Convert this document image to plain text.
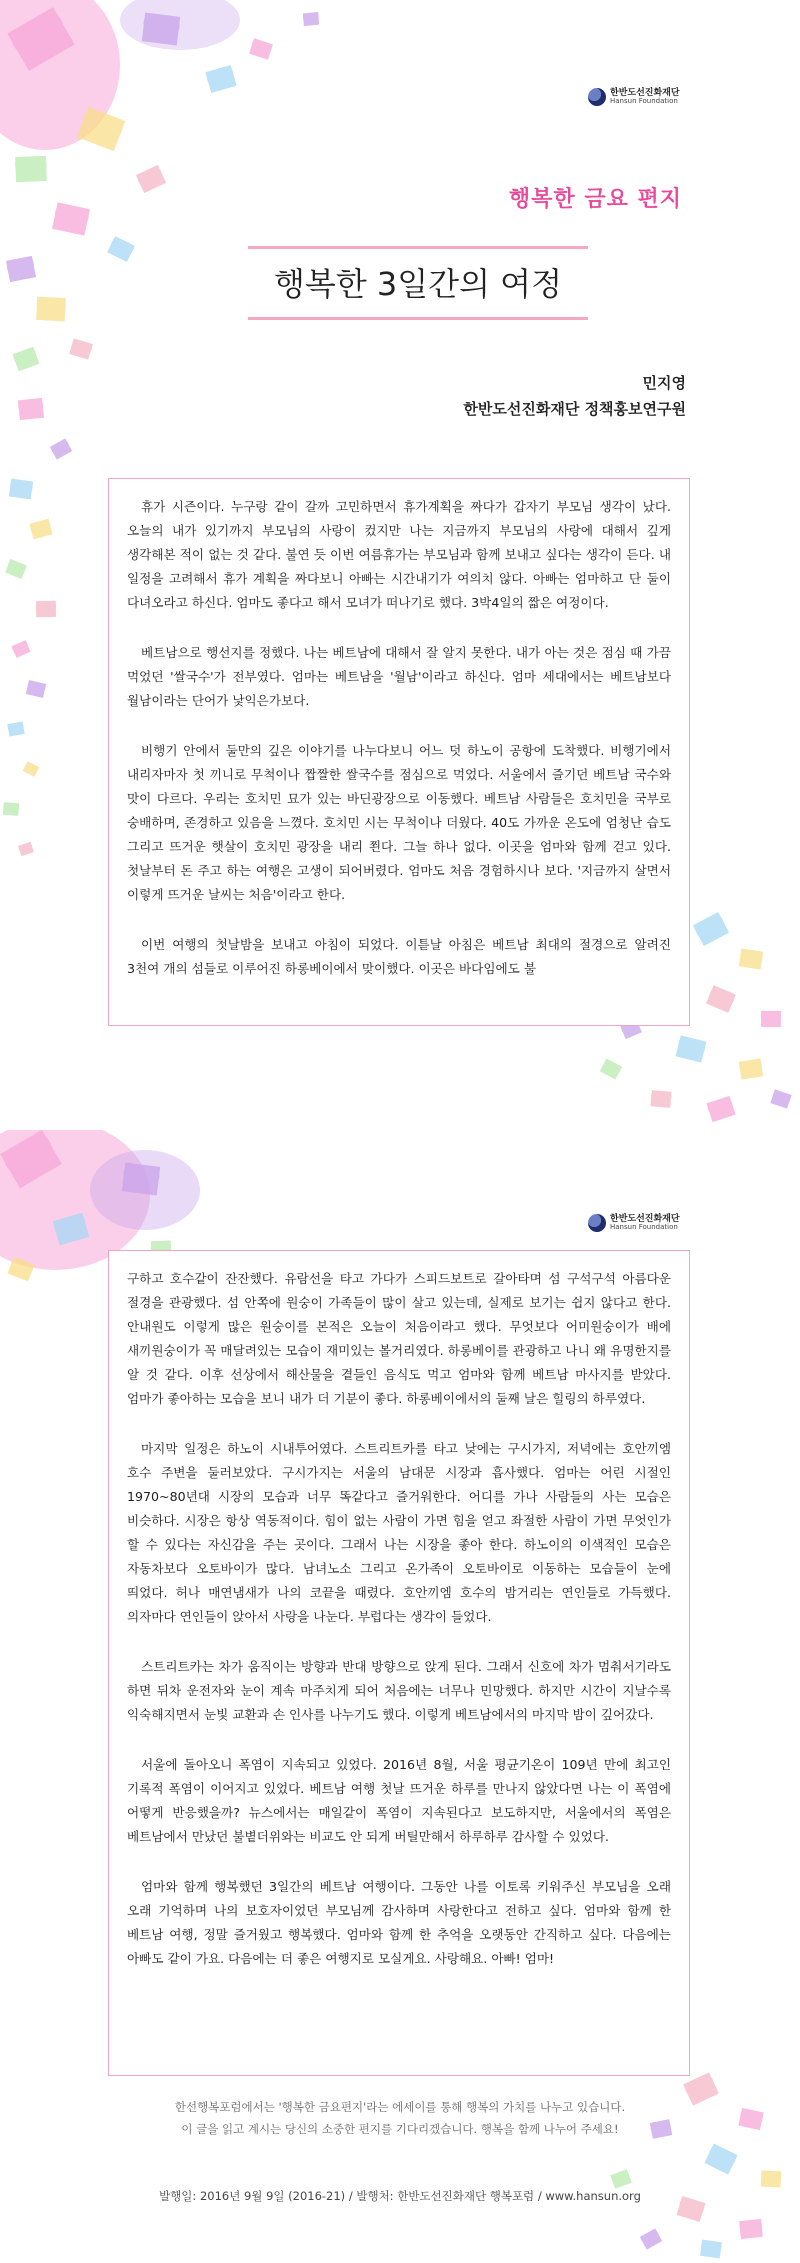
한반도선진화재단
Hansun Foundation
행복한 금요 편지
행복한 3일간의 여정
민지영
한반도선진화재단 정책홍보연구원

휴가 시즌이다. 누구랑 같이 갈까 고민하면서 휴가계획을 짜다가 갑자기 부모님 생각이 났다. 오늘의 내가 있기까지 부모님의 사랑이 컸지만 나는 지금까지 부모님의 사랑에 대해서 깊게 생각해본 적이 없는 것 같다. 불연 듯 이번 여름휴가는 부모님과 함께 보내고 싶다는 생각이 든다. 내 일정을 고려해서 휴가 계획을 짜다보니 아빠는 시간내기가 여의치 않다. 아빠는 엄마하고 단 둘이 다녀오라고 하신다. 엄마도 좋다고 해서 모녀가 떠나기로 했다. 3박4일의 짧은 여정이다.

베트남으로 행선지를 정했다. 나는 베트남에 대해서 잘 알지 못한다. 내가 아는 것은 점심 때 가끔 먹었던 '쌀국수'가 전부였다. 엄마는 베트남을 '월남'이라고 하신다. 엄마 세대에서는 베트남보다 월남이라는 단어가 낯익은가보다.

비행기 안에서 둘만의 깊은 이야기를 나누다보니 어느 덧 하노이 공항에 도착했다. 비행기에서 내리자마자 첫 끼니로 무척이나 짭짤한 쌀국수를 점심으로 먹었다. 서울에서 즐기던 베트남 국수와 맛이 다르다. 우리는 호치민 묘가 있는 바딘광장으로 이동했다. 베트남 사람들은 호치민을 국부로 숭배하며, 존경하고 있음을 느꼈다. 호치민 시는 무척이나 더웠다. 40도 가까운 온도에 엄청난 습도 그리고 뜨거운 햇살이 호치민 광장을 내리 쬔다. 그늘 하나 없다. 이곳을 엄마와 함께 걷고 있다. 첫날부터 돈 주고 하는 여행은 고생이 되어버렸다. 엄마도 처음 경험하시나 보다. '지금까지 살면서 이렇게 뜨거운 날씨는 처음'이라고 한다.

이번 여행의 첫날밤을 보내고 아침이 되었다. 이튿날 아침은 베트남 최대의 절경으로 알려진 3천여 개의 섬들로 이루어진 하롱베이에서 맞이했다. 이곳은 바다임에도 불

한반도선진화재단
Hansun Foundation

구하고 호수같이 잔잔했다. 유람선을 타고 가다가 스피드보트로 갈아타며 섬 구석구석 아름다운 절경을 관광했다. 섬 안쪽에 원숭이 가족들이 많이 살고 있는데, 실제로 보기는 쉽지 않다고 한다. 안내원도 이렇게 많은 원숭이를 본적은 오늘이 처음이라고 했다. 무엇보다 어미원숭이가 배에 새끼원숭이가 꼭 매달려있는 모습이 재미있는 볼거리였다. 하롱베이를 관광하고 나니 왜 유명한지를 알 것 같다. 이후 선상에서 해산물을 곁들인 음식도 먹고 엄마와 함께 베트남 마사지를 받았다. 엄마가 좋아하는 모습을 보니 내가 더 기분이 좋다. 하롱베이에서의 둘째 날은 힐링의 하루였다.

마지막 일정은 하노이 시내투어였다. 스트리트카를 타고 낮에는 구시가지, 저녁에는 호안끼엠 호수 주변을 둘러보았다. 구시가지는 서울의 남대문 시장과 흡사했다. 엄마는 어린 시절인 1970~80년대 시장의 모습과 너무 똑같다고 즐거워한다. 어디를 가나 사람들의 사는 모습은 비슷하다. 시장은 항상 역동적이다. 힘이 없는 사람이 가면 힘을 얻고 좌절한 사람이 가면 무엇인가 할 수 있다는 자신감을 주는 곳이다. 그래서 나는 시장을 좋아 한다. 하노이의 이색적인 모습은 자동차보다 오토바이가 많다. 남녀노소 그리고 온가족이 오토바이로 이동하는 모습들이 눈에 띄었다. 허나 매연냄새가 나의 코끝을 때렸다. 호안끼엠 호수의 밤거리는 연인들로 가득했다. 의자마다 연인들이 앉아서 사랑을 나눈다. 부럽다는 생각이 들었다.

스트리트카는 차가 움직이는 방향과 반대 방향으로 앉게 된다. 그래서 신호에 차가 멈춰서기라도 하면 뒤차 운전자와 눈이 계속 마주치게 되어 처음에는 너무나 민망했다. 하지만 시간이 지날수록 익숙해지면서 눈빛 교환과 손 인사를 나누기도 했다. 이렇게 베트남에서의 마지막 밤이 깊어갔다.

서울에 돌아오니 폭염이 지속되고 있었다. 2016년 8월, 서울 평균기온이 109년 만에 최고인 기록적 폭염이 이어지고 있었다. 베트남 여행 첫날 뜨거운 하루를 만나지 않았다면 나는 이 폭염에 어떻게 반응했을까? 뉴스에서는 매일같이 폭염이 지속된다고 보도하지만, 서울에서의 폭염은 베트남에서 만났던 불볕더위와는 비교도 안 되게 버틸만해서 하루하루 감사할 수 있었다.

엄마와 함께 행복했던 3일간의 베트남 여행이다. 그동안 나를 이토록 키워주신 부모님을 오래 오래 기억하며 나의 보호자이었던 부모님께 감사하며 사랑한다고 전하고 싶다. 엄마와 함께 한 베트남 여행, 정말 즐거웠고 행복했다. 엄마와 함께 한 추억을 오랫동안 간직하고 싶다. 다음에는 아빠도 같이 가요. 다음에는 더 좋은 여행지로 모실게요. 사랑해요. 아빠! 엄마!

한선행복포럼에서는 '행복한 금요편지'라는 에세이를 통해 행복의 가치를 나누고 있습니다.
이 글을 읽고 계시는 당신의 소중한 편지를 기다리겠습니다. 행복을 함께 나누어 주세요!
발행일: 2016년 9월 9일 (2016-21) / 발행처: 한반도선진화재단 행복포럼 / www.hansun.org
